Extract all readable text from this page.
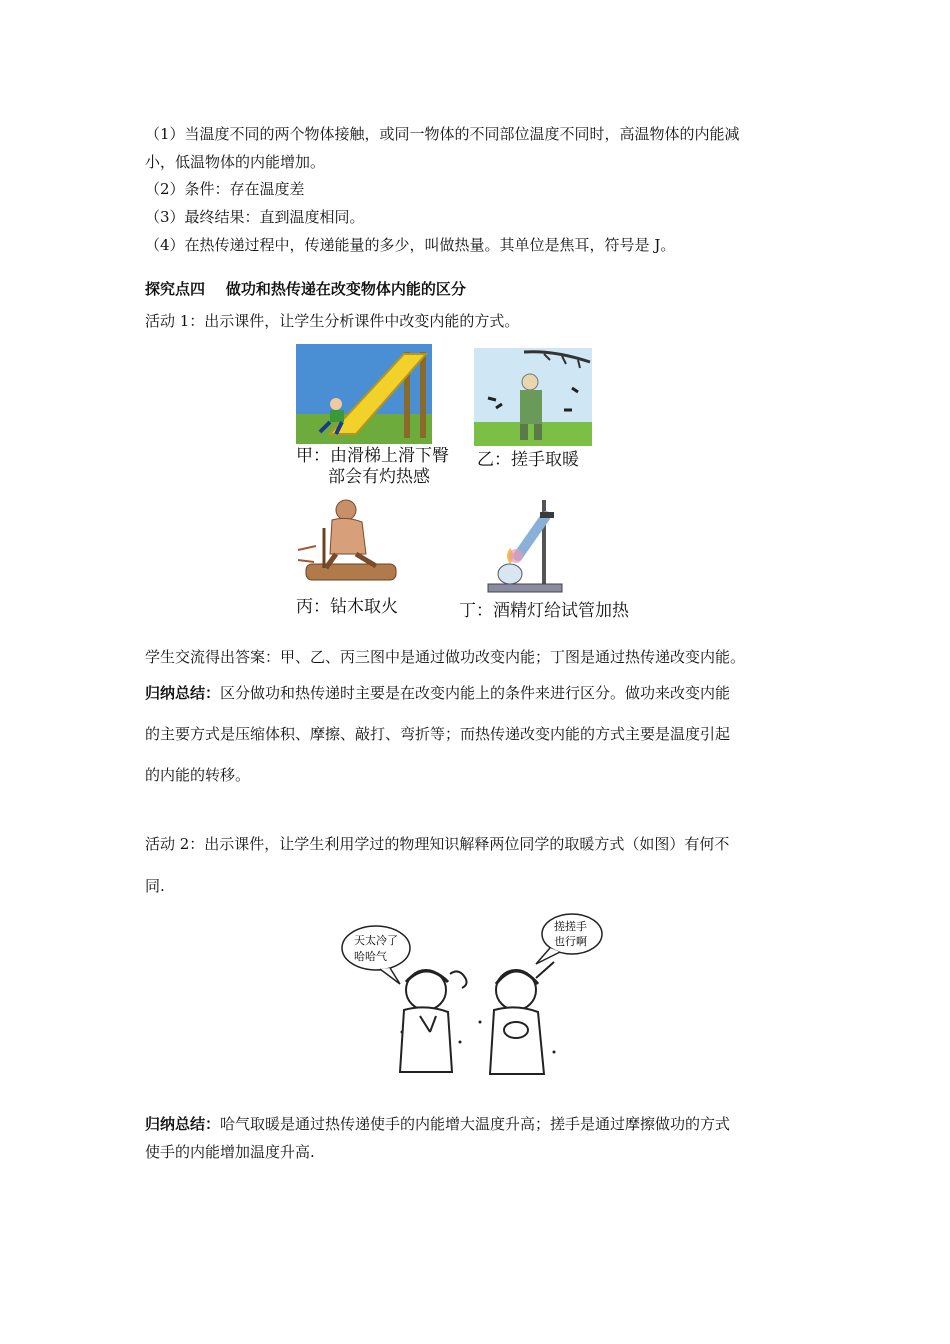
（1）当温度不同的两个物体接触，或同一物体的不同部位温度不同时，高温物体的内能减
小，低温物体的内能增加。
（2）条件：存在温度差
（3）最终结果：直到温度相同。
（4）在热传递过程中，传递能量的多少，叫做热量。其单位是焦耳，符号是 J。
探究点四    做功和热传递在改变物体内能的区分
活动 1：出示课件，让学生分析课件中改变内能的方式。
甲：由滑梯上滑下臀
部会有灼热感
乙：搓手取暖
丙：钻木取火	丁：酒精灯给试管加热
学生交流得出答案：甲、乙、丙三图中是通过做功改变内能；丁图是通过热传递改变内能。
归纳总结：区分做功和热传递时主要是在改变内能上的条件来进行区分。做功来改变内能
的主要方式是压缩体积、摩擦、敲打、弯折等；而热传递改变内能的方式主要是温度引起
的内能的转移。
活动 2：出示课件，让学生利用学过的物理知识解释两位同学的取暖方式（如图）有何不
同.
天太冷了
哈哈气
搓搓手
也行啊
归纳总结：哈气取暖是通过热传递使手的内能增大温度升高；搓手是通过摩擦做功的方式
使手的内能增加温度升高.
